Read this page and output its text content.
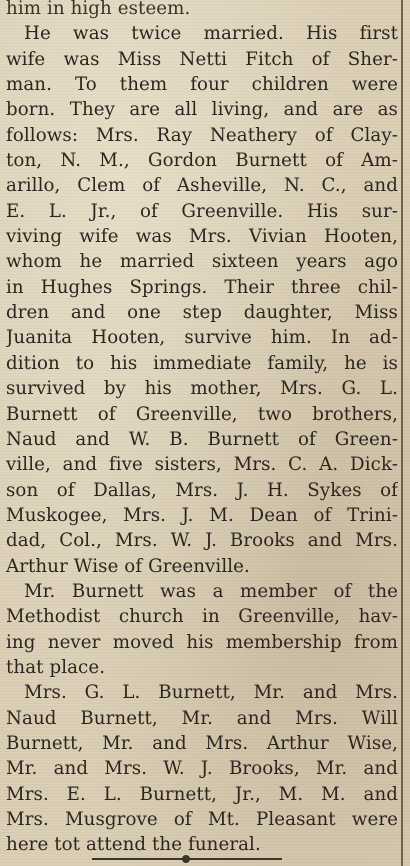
him in high esteem.
He was twice married. His first
wife was Miss Netti Fitch of Sher-
man. To them four children were
born. They are all living, and are as
follows: Mrs. Ray Neathery of Clay-
ton, N. M., Gordon Burnett of Am-
arillo, Clem of Asheville, N. C., and
E. L. Jr., of Greenville. His sur-
viving wife was Mrs. Vivian Hooten,
whom he married sixteen years ago
in Hughes Springs. Their three chil-
dren and one step daughter, Miss
Juanita Hooten, survive him. In ad-
dition to his immediate family, he is
survived by his mother, Mrs. G. L.
Burnett of Greenville, two brothers,
Naud and W. B. Burnett of Green-
ville, and five sisters, Mrs. C. A. Dick-
son of Dallas, Mrs. J. H. Sykes of
Muskogee, Mrs. J. M. Dean of Trini-
dad, Col., Mrs. W. J. Brooks and Mrs.
Arthur Wise of Greenville.
Mr. Burnett was a member of the
Methodist church in Greenville, hav-
ing never moved his membership from
that place.
Mrs. G. L. Burnett, Mr. and Mrs.
Naud Burnett, Mr. and Mrs. Will
Burnett, Mr. and Mrs. Arthur Wise,
Mr. and Mrs. W. J. Brooks, Mr. and
Mrs. E. L. Burnett, Jr., M. M. and
Mrs. Musgrove of Mt. Pleasant were
here tot attend the funeral.
